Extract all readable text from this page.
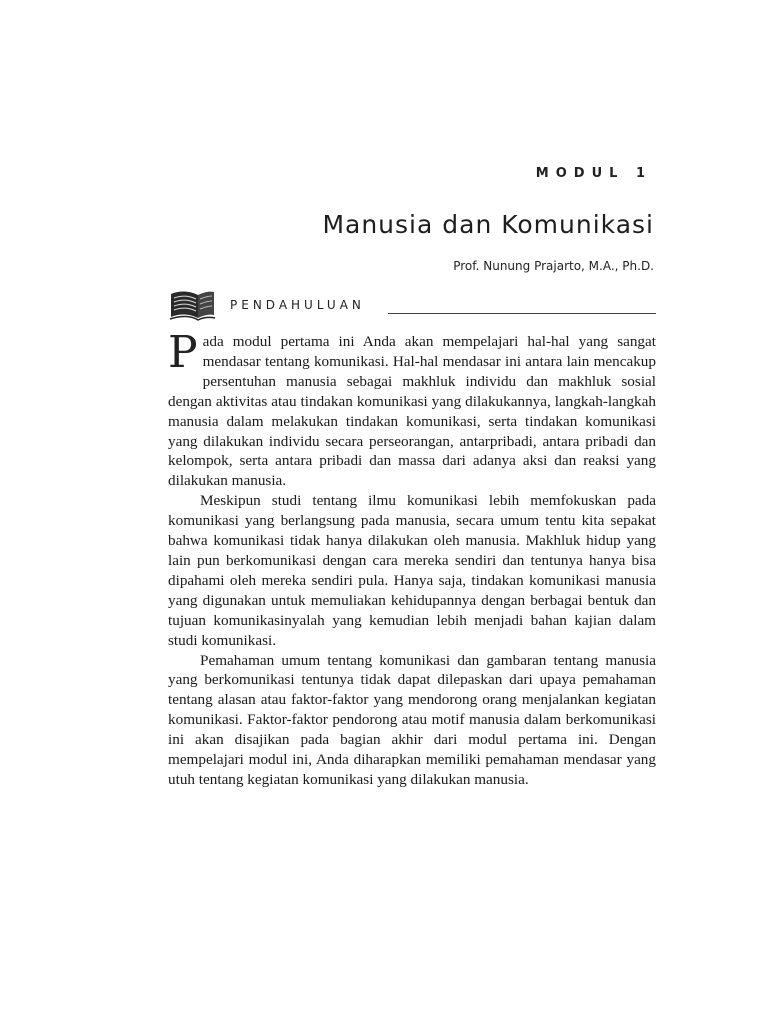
MODUL 1
Manusia dan Komunikasi
Prof. Nunung Prajarto, M.A., Ph.D.
PENDAHULUAN

Pada modul pertama ini Anda akan mempelajari hal-hal yang sangat mendasar tentang komunikasi. Hal-hal mendasar ini antara lain mencakup persentuhan manusia sebagai makhluk individu dan makhluk sosial dengan aktivitas atau tindakan komunikasi yang dilakukannya, langkah-langkah manusia dalam melakukan tindakan komunikasi, serta tindakan komunikasi yang dilakukan individu secara perseorangan, antarpribadi, antara pribadi dan kelompok, serta antara pribadi dan massa dari adanya aksi dan reaksi yang dilakukan manusia.

Meskipun studi tentang ilmu komunikasi lebih memfokuskan pada komunikasi yang berlangsung pada manusia, secara umum tentu kita sepakat bahwa komunikasi tidak hanya dilakukan oleh manusia. Makhluk hidup yang lain pun berkomunikasi dengan cara mereka sendiri dan tentunya hanya bisa dipahami oleh mereka sendiri pula. Hanya saja, tindakan komunikasi manusia yang digunakan untuk memuliakan kehidupannya dengan berbagai bentuk dan tujuan komunikasinyalah yang kemudian lebih menjadi bahan kajian dalam studi komunikasi.

Pemahaman umum tentang komunikasi dan gambaran tentang manusia yang berkomunikasi tentunya tidak dapat dilepaskan dari upaya pemahaman tentang alasan atau faktor-faktor yang mendorong orang menjalankan kegiatan komunikasi. Faktor-faktor pendorong atau motif manusia dalam berkomunikasi ini akan disajikan pada bagian akhir dari modul pertama ini. Dengan mempelajari modul ini, Anda diharapkan memiliki pemahaman mendasar yang utuh tentang kegiatan komunikasi yang dilakukan manusia.
